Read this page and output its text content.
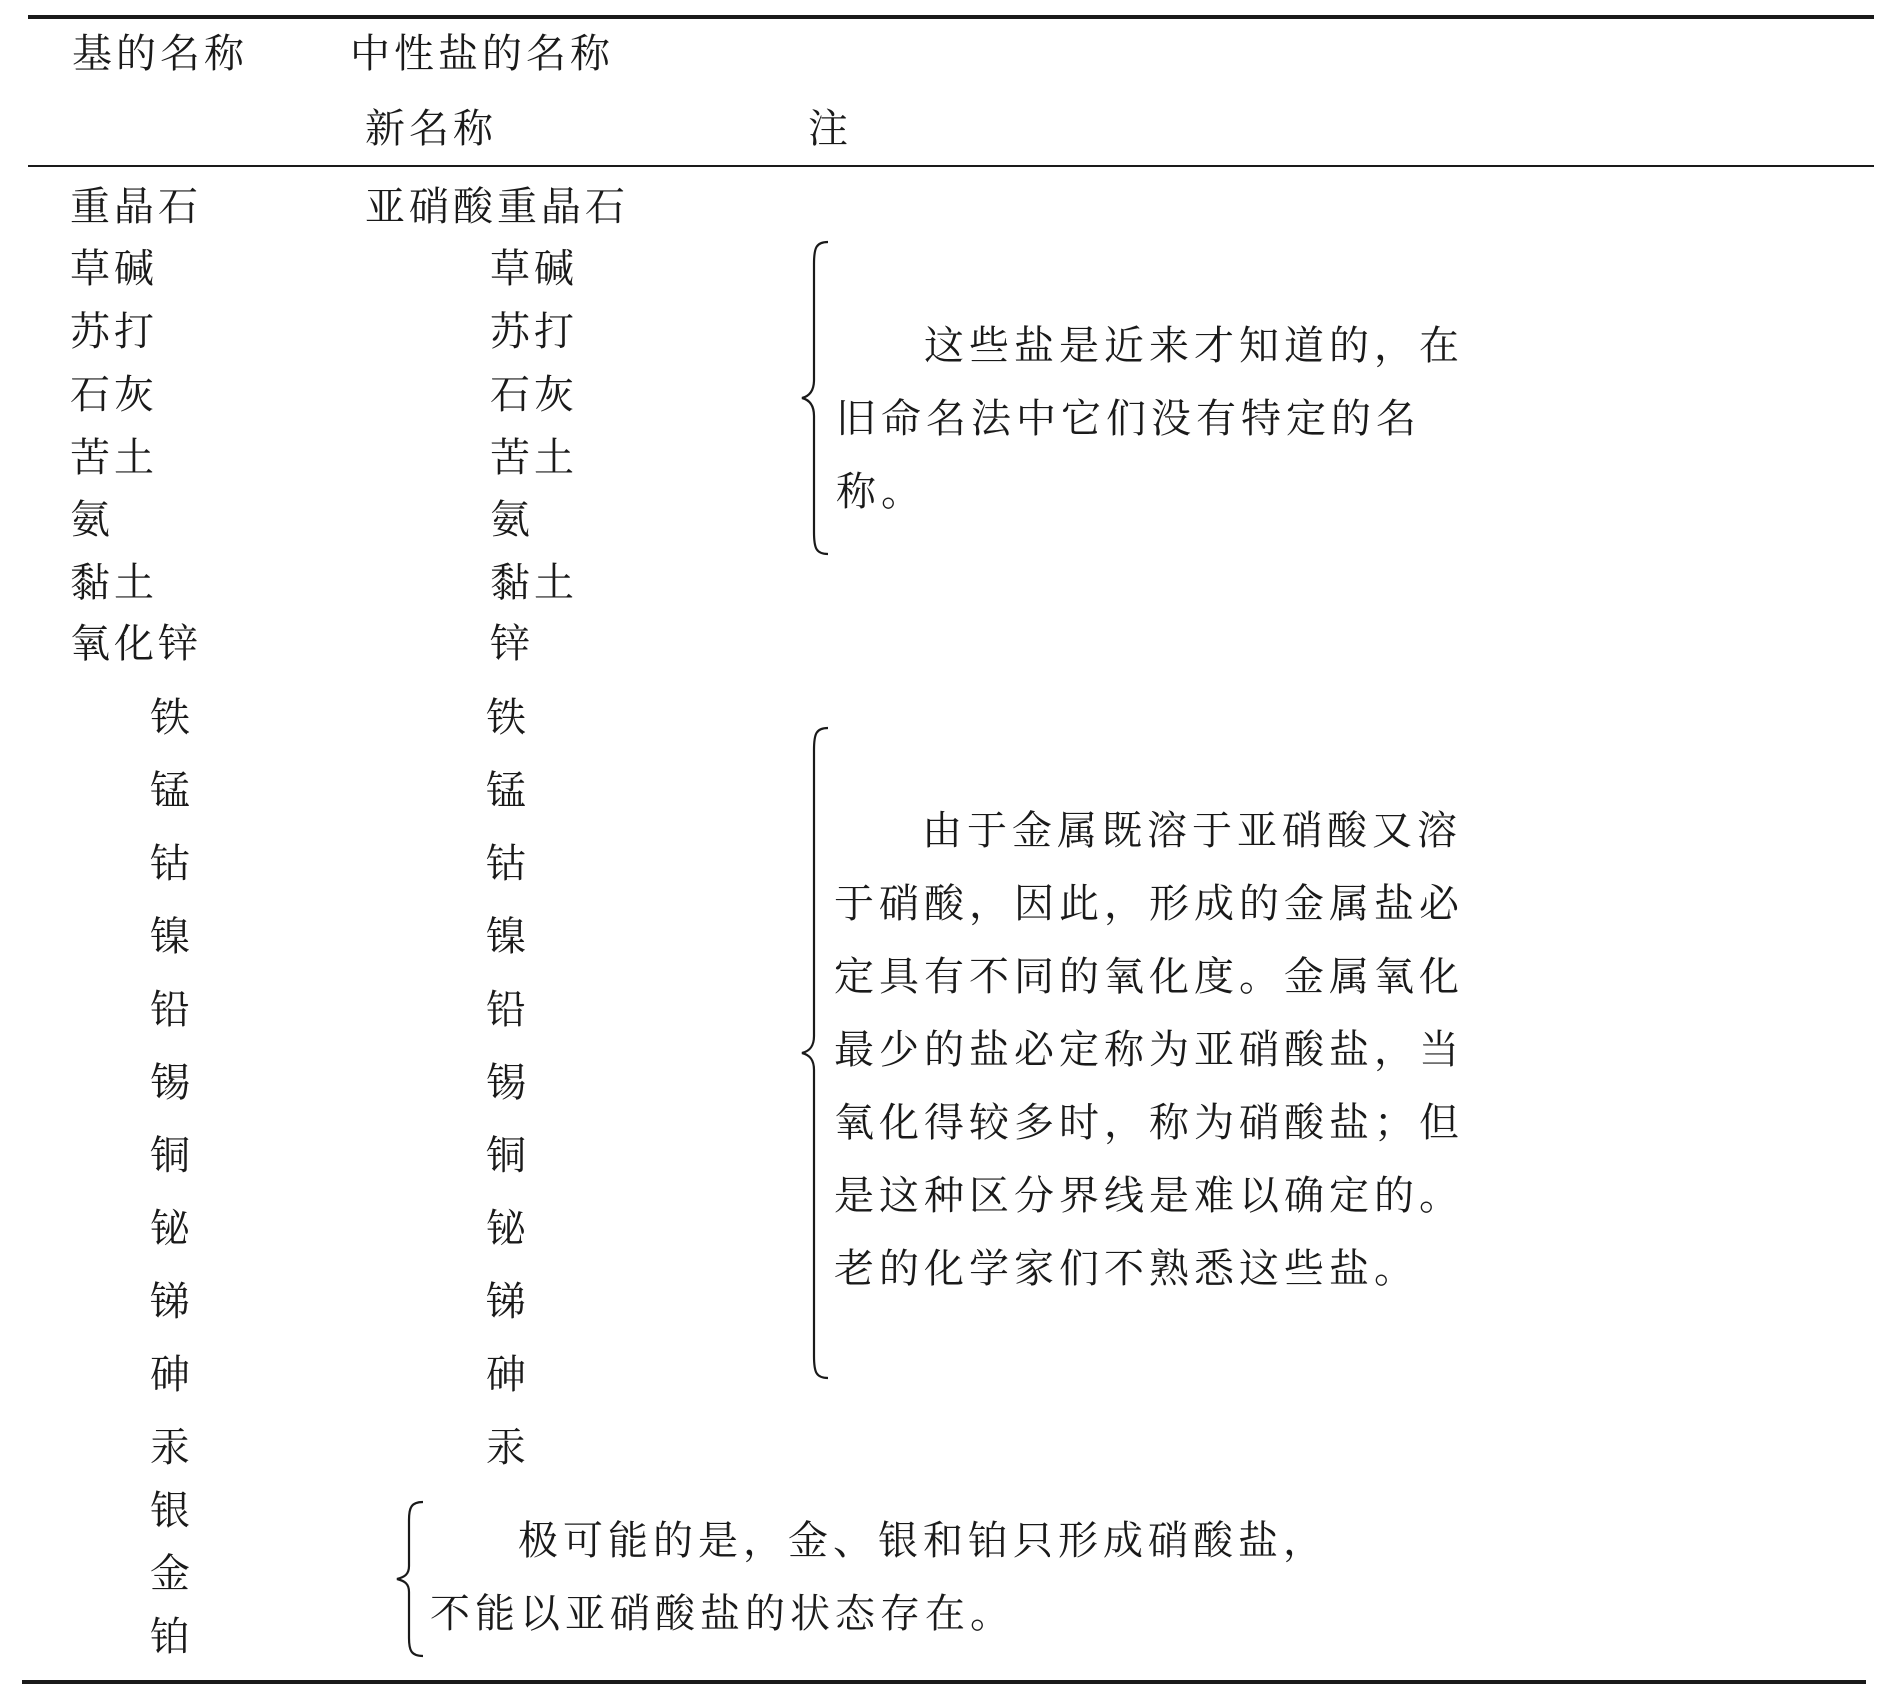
基的名称	中性盐的名称
新名称	注
重晶石
草碱
苏打
石灰
苦土
氨
黏土
氧化锌
铁
锰
钴
镍
铅
锡
铜
铋
锑
砷
汞
银
金
铂
亚硝酸重晶石
草碱
苏打
石灰
苦土
氨
黏土
锌
铁
锰
钴
镍
铅
锡
铜
铋
锑
砷
汞
这些盐是近来才知道的，在旧命名法中它们没有特定的名称。
由于金属既溶于亚硝酸又溶于硝酸，因此，形成的金属盐必定具有不同的氧化度。金属氧化最少的盐必定称为亚硝酸盐，当氧化得较多时，称为硝酸盐；但是这种区分界线是难以确定的。老的化学家们不熟悉这些盐。
极可能的是，金、银和铂只形成硝酸盐，不能以亚硝酸盐的状态存在。
